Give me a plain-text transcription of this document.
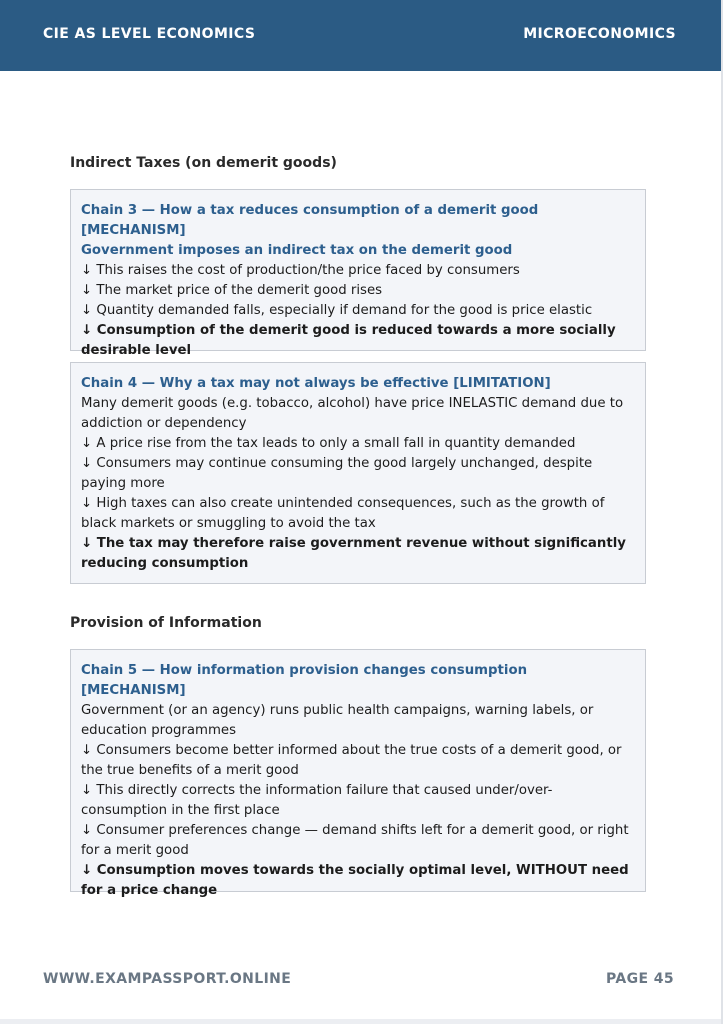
CIE AS LEVEL ECONOMICS	MICROECONOMICS
Indirect Taxes (on demerit goods)

Chain 3 — How a tax reduces consumption of a demerit good [MECHANISM]

Government imposes an indirect tax on the demerit good

↓ This raises the cost of production/the price faced by consumers

↓ The market price of the demerit good rises

↓ Quantity demanded falls, especially if demand for the good is price elastic

↓ Consumption of the demerit good is reduced towards a more socially desirable level

Chain 4 — Why a tax may not always be effective [LIMITATION]

Many demerit goods (e.g. tobacco, alcohol) have price INELASTIC demand due to addiction or dependency

↓ A price rise from the tax leads to only a small fall in quantity demanded

↓ Consumers may continue consuming the good largely unchanged, despite paying more

↓ High taxes can also create unintended consequences, such as the growth of black markets or smuggling to avoid the tax

↓ The tax may therefore raise government revenue without significantly reducing consumption

Provision of Information

Chain 5 — How information provision changes consumption [MECHANISM]

Government (or an agency) runs public health campaigns, warning labels, or education programmes

↓ Consumers become better informed about the true costs of a demerit good, or the true benefits of a merit good

↓ This directly corrects the information failure that caused under/over-consumption in the first place

↓ Consumer preferences change — demand shifts left for a demerit good, or right for a merit good

↓ Consumption moves towards the socially optimal level, WITHOUT need for a price change

WWW.EXAMPASSPORT.ONLINE	PAGE 45
